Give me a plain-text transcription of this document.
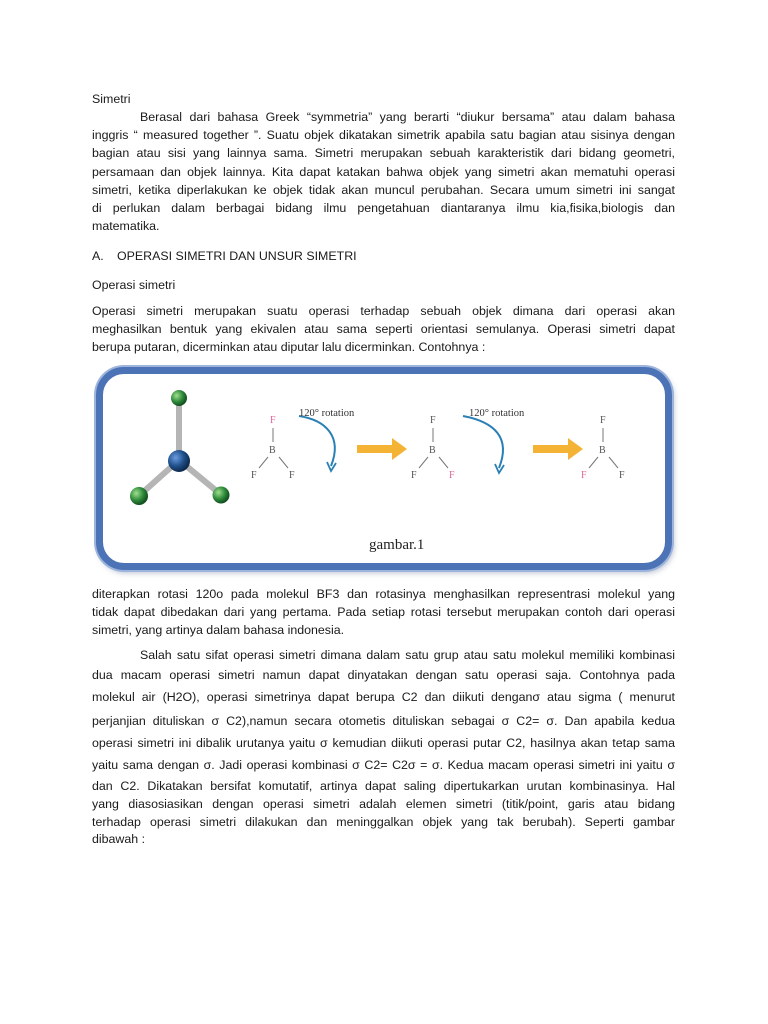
Simetri

Berasal dari bahasa Greek “symmetria” yang berarti “diukur bersama” atau dalam bahasa
inggris “ measured together ”. Suatu objek dikatakan simetrik apabila satu bagian atau sisinya dengan
bagian atau sisi yang lainnya sama. Simetri merupakan sebuah karakteristik dari bidang geometri,
persamaan dan objek lainnya. Kita dapat katakan bahwa objek yang simetri akan mematuhi operasi
simetri, ketika diperlakukan ke objek tidak akan muncul perubahan. Secara umum simetri ini sangat
di perlukan dalam berbagai bidang ilmu pengetahuan diantaranya ilmu kia,fisika,biologis dan
matematika.
A. OPERASI SIMETRI DAN UNSUR SIMETRI

Operasi simetri

Operasi simetri merupakan suatu operasi terhadap sebuah objek dimana dari operasi akan
meghasilkan bentuk yang ekivalen atau sama seperti orientasi semulanya. Operasi simetri dapat
berupa putaran, dicerminkan atau diputar lalu dicerminkan. Contohnya :
F
B
F	F
120° rotation
F
B
F	F
120° rotation
F
B
F	F
gambar.1
diterapkan rotasi 120o pada molekul BF3 dan rotasinya menghasilkan representrasi molekul yang
tidak dapat dibedakan dari yang pertama. Pada setiap rotasi tersebut merupakan contoh dari operasi
simetri, yang artinya dalam bahasa indonesia.
Salah satu sifat operasi simetri dimana dalam satu grup atau satu molekul memiliki kombinasi
dua macam operasi simetri namun dapat dinyatakan dengan satu operasi saja. Contohnya pada
molekul air (H2O), operasi simetrinya dapat berupa C2 dan diikuti denganσ atau sigma ( menurut
perjanjian dituliskan σ C2),namun secara otometis dituliskan sebagai σ C2= σ. Dan apabila kedua
operasi simetri ini dibalik urutanya yaitu σ kemudian diikuti operasi putar C2, hasilnya akan tetap sama
yaitu sama dengan σ. Jadi operasi kombinasi σ C2= C2σ = σ. Kedua macam operasi simetri ini yaitu σ
dan C2. Dikatakan bersifat komutatif, artinya dapat saling dipertukarkan urutan kombinasinya. Hal
yang diasosiasikan dengan operasi simetri adalah elemen simetri (titik/point, garis atau bidang
terhadap operasi simetri dilakukan dan meninggalkan objek yang tak berubah). Seperti gambar
dibawah :
